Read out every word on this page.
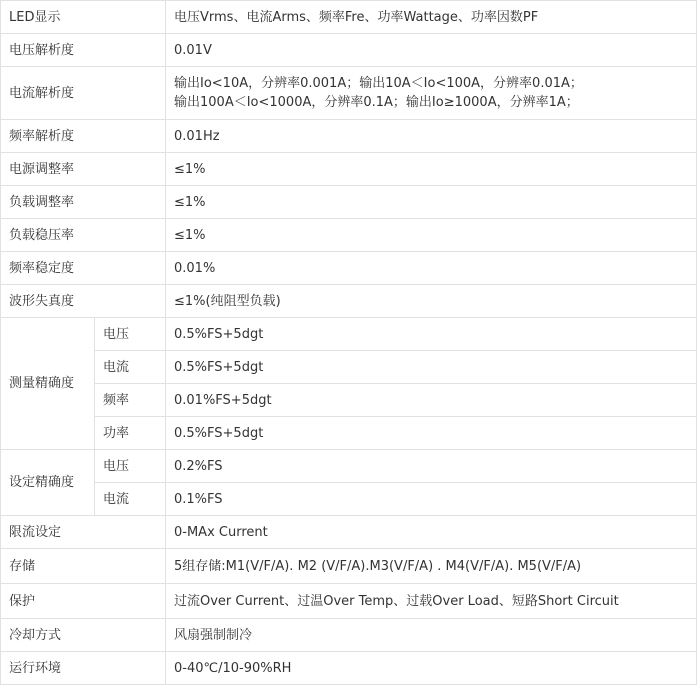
LED显示		电压Vrms、电流Arms、频率Fre、功率Wattage、功率因数PF
电压解析度		0.01V
电流解析度		输出Io<10A，分辨率0.001A；输出10A＜Io<100A，分辨率0.01A；
输出100A＜Io<1000A，分辨率0.1A；输出Io≥1000A，分辨率1A；

频率解析度		0.01Hz
电源调整率		≤1%
负载调整率		≤1%
负载稳压率		≤1%
频率稳定度		0.01%
波形失真度		≤1%(纯阻型负载)
测量精确度	电压	0.5%FS+5dgt
	电流	0.5%FS+5dgt
	频率	0.01%FS+5dgt
	功率	0.5%FS+5dgt
设定精确度	电压	0.2%FS
	电流	0.1%FS
限流设定		0-MAx Current
存储		5组存储:M1(V/F/A). M2 (V/F/A).M3(V/F/A) . M4(V/F/A). M5(V/F/A)
保护		过流Over Current、过温Over Temp、过载Over Load、短路Short Circuit
冷却方式		风扇强制制冷
运行环境		0-40℃/10-90%RH
